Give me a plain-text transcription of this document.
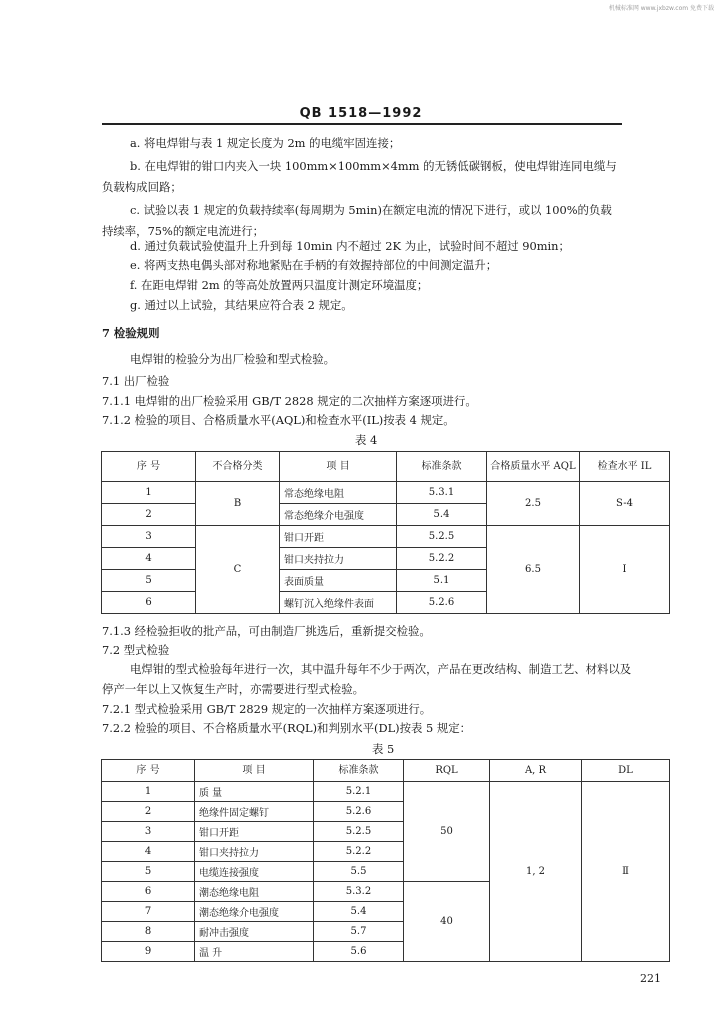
机械标准网 www.jxbzw.com 免费下载
QB 1518—1992
a. 将电焊钳与表 1 规定长度为 2m 的电缆牢固连接；
b. 在电焊钳的钳口内夹入一块 100mm×100mm×4mm 的无锈低碳钢板，使电焊钳连同电缆与
负载构成回路；
c. 试验以表 1 规定的负载持续率(每周期为 5min)在额定电流的情况下进行，或以 100%的负载
持续率，75%的额定电流进行；
d. 通过负载试验使温升上升到每 10min 内不超过 2K 为止，试验时间不超过 90min；
e. 将两支热电偶头部对称地紧贴在手柄的有效握持部位的中间测定温升；
f. 在距电焊钳 2m 的等高处放置两只温度计测定环境温度；
g. 通过以上试验，其结果应符合表 2 规定。
7 检验规则
电焊钳的检验分为出厂检验和型式检验。
7.1 出厂检验
7.1.1 电焊钳的出厂检验采用 GB/T 2828 规定的二次抽样方案逐项进行。
7.1.2 检验的项目、合格质量水平(AQL)和检查水平(IL)按表 4 规定。
表 4
序 号	不合格分类	项 目	标准条款	合格质量水平 AQL	检查水平 IL
1	B	常态绝缘电阻	5.3.1	2.5	S-4
2		常态绝缘介电强度	5.4		
3	C	钳口开距	5.2.5	6.5	I
4		钳口夹持拉力	5.2.2		
5		表面质量	5.1		
6		螺钉沉入绝缘件表面	5.2.6		
7.1.3 经检验拒收的批产品，可由制造厂挑选后，重新提交检验。
7.2 型式检验
电焊钳的型式检验每年进行一次，其中温升每年不少于两次，产品在更改结构、制造工艺、材料以及
停产一年以上又恢复生产时，亦需要进行型式检验。
7.2.1 型式检验采用 GB/T 2829 规定的一次抽样方案逐项进行。
7.2.2 检验的项目、不合格质量水平(RQL)和判别水平(DL)按表 5 规定：
表 5
序 号	项 目	标准条款	RQL	A, R	DL
1	质 量	5.2.1	50	1, 2	Ⅱ
2	绝缘件固定螺钉	5.2.6			
3	钳口开距	5.2.5			
4	钳口夹持拉力	5.2.2			
5	电缆连接强度	5.5			
6	潮态绝缘电阻	5.3.2	40		
7	潮态绝缘介电强度	5.4			
8	耐冲击强度	5.7			
9	温 升	5.6			
221
